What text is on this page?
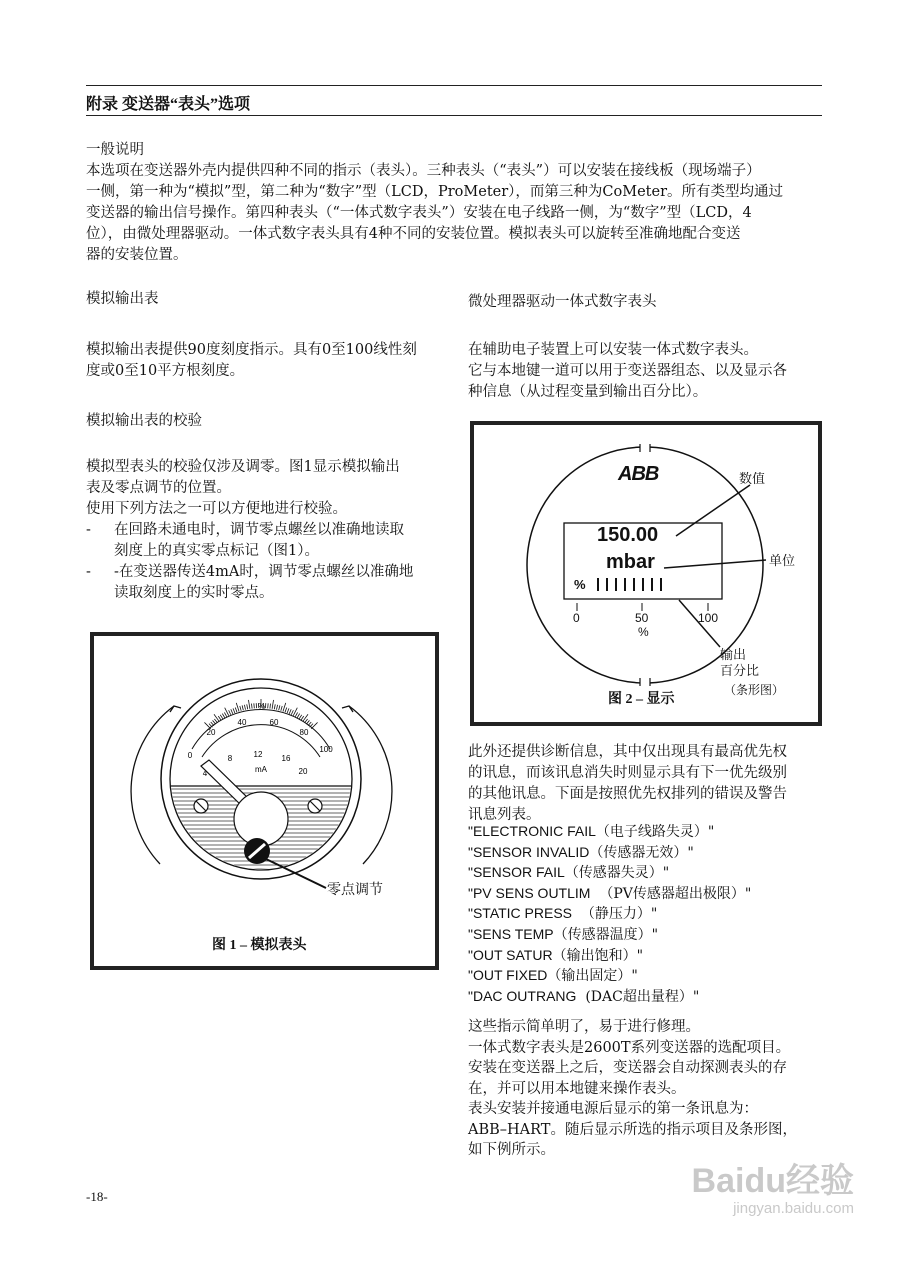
附录 变送器“表头”选项
一般说明

本选项在变送器外壳内提供四种不同的指示（表头）。三种表头（“表头”）可以安装在接线板（现场端子）

一侧，第一种为“模拟”型，第二种为“数字”型（LCD，ProMeter），而第三种为CoMeter。所有类型均通过

变送器的输出信号操作。第四种表头（“一体式数字表头”）安装在电子线路一侧，为“数字”型（LCD，4

位），由微处理器驱动。一体式数字表头具有4种不同的安装位置。模拟表头可以旋转至准确地配合变送

器的安装位置。

模拟输出表

模拟输出表提供90度刻度指示。具有0至100线性刻

度或0至10平方根刻度。

模拟输出表的校验

模拟型表头的校验仅涉及调零。图1显示模拟输出

表及零点调节的位置。

使用下列方法之一可以方便地进行校验。

- 在回路未通电时，调节零点螺丝以准确地读取

刻度上的真实零点标记（图1）。

- -在变送器传送4mA时，调节零点螺丝以准确地

读取刻度上的实时零点。

%
0
20
40	60
80
100
4
8	12 16
20
mA
零点调节
图 1 – 模拟表头
微处理器驱动一体式数字表头

在辅助电子装置上可以安装一体式数字表头。

它与本地键一道可以用于变送器组态、以及显示各

种信息（从过程变量到输出百分比）。

ABB
150.00
mbar
%
0	50	100
%
数值
单位
输出
百分比
（条形图）
图 2 – 显示

此外还提供诊断信息，其中仅出现具有最高优先权

的讯息，而该讯息消失时则显示具有下一优先级别

的其他讯息。下面是按照优先权排列的错误及警告

讯息列表。

"ELECTRONIC FAIL（电子线路失灵）"
"SENSOR INVALID（传感器无效）"
"SENSOR FAIL（传感器失灵）"
"PV SENS OUTLIM  （PV传感器超出极限）"
"STATIC PRESS  （静压力）"
"SENS TEMP（传感器温度）"
"OUT SATUR（输出饱和）"
"OUT FIXED（输出固定）"
"DAC OUTRANG  (DAC超出量程）"

这些指示简单明了，易于进行修理。

一体式数字表头是2600T系列变送器的选配项目。

安装在变送器上之后，变送器会自动探测表头的存

在，并可以用本地键来操作表头。

表头安装并接通电源后显示的第一条讯息为：

ABB–HART。随后显示所选的指示项目及条形图，

如下例所示。

-18-	Baidu经验
jingyan.baidu.com
